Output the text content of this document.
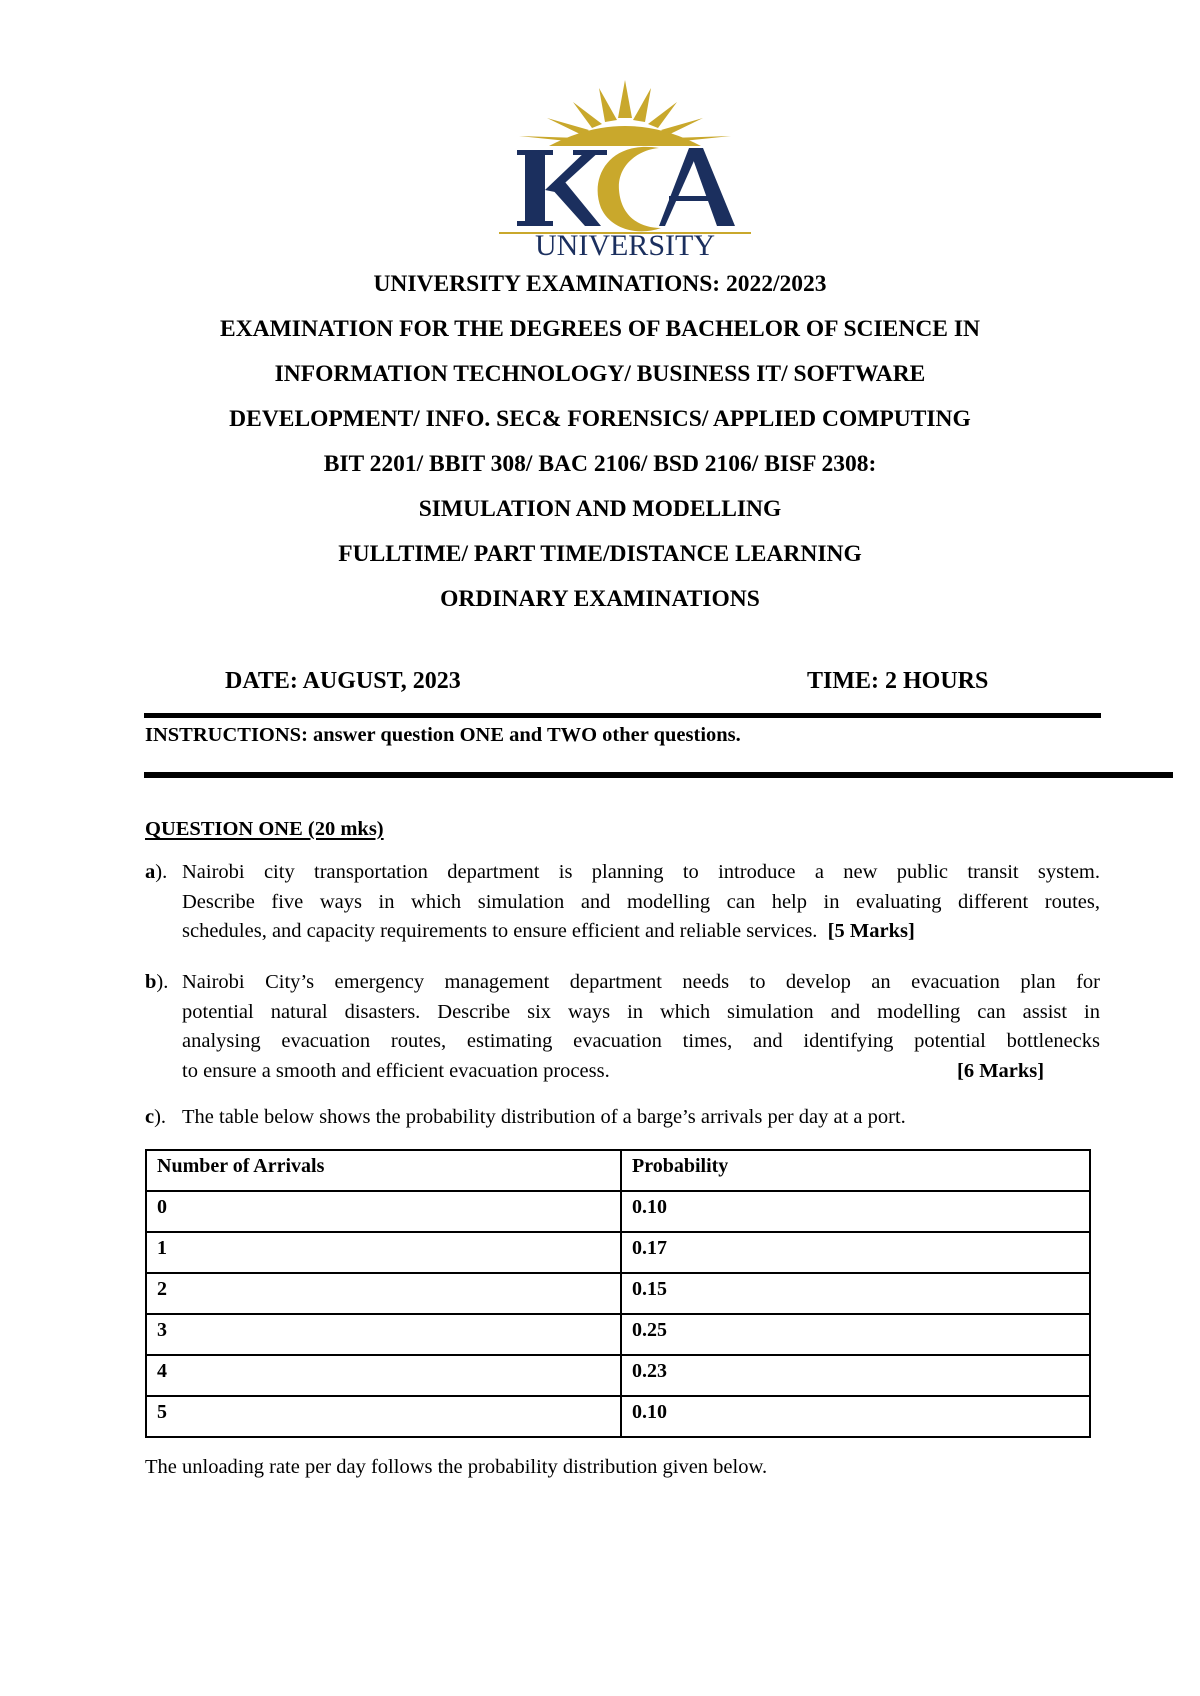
UNIVERSITY
UNIVERSITY EXAMINATIONS: 2022/2023
EXAMINATION FOR THE DEGREES OF BACHELOR OF SCIENCE IN
INFORMATION TECHNOLOGY/ BUSINESS IT/ SOFTWARE
DEVELOPMENT/ INFO. SEC& FORENSICS/ APPLIED COMPUTING
BIT 2201/ BBIT 308/ BAC 2106/ BSD 2106/ BISF 2308:
SIMULATION AND MODELLING
FULLTIME/ PART TIME/DISTANCE LEARNING
ORDINARY EXAMINATIONS
DATE: AUGUST, 2023	TIME: 2 HOURS
INSTRUCTIONS: answer question ONE and TWO other questions.
QUESTION ONE (20 mks)
a). Nairobi city transportation department is planning to introduce a new public transit system.
Describe five ways in which simulation and modelling can help in evaluating different routes,
schedules, and capacity requirements to ensure efficient and reliable services. [5 Marks]
b). Nairobi City’s emergency management department needs to develop an evacuation plan for
potential natural disasters. Describe six ways in which simulation and modelling can assist in
analysing evacuation routes, estimating evacuation times, and identifying potential bottlenecks
to ensure a smooth and efficient evacuation process.	[6 Marks]
c). The table below shows the probability distribution of a barge’s arrivals per day at a port.
Number of Arrivals	Probability
0	0.10
1	0.17
2	0.15
3	0.25
4	0.23
5	0.10
The unloading rate per day follows the probability distribution given below.
